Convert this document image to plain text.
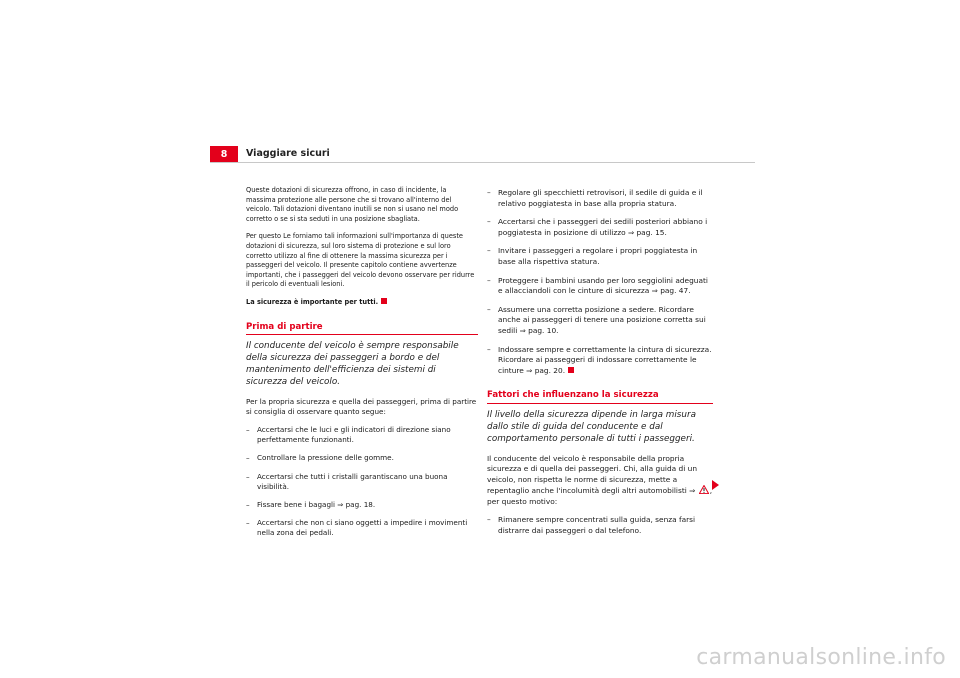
8	Viaggiare sicuri

Queste dotazioni di sicurezza offrono, in caso di incidente, la massima protezione alle persone che si trovano all'interno del veicolo. Tali dotazioni diventano inutili se non si usano nel modo corretto o se si sta seduti in una posizione sbagliata.

Per questo Le forniamo tali informazioni sull'importanza di queste dotazioni di sicurezza, sul loro sistema di protezione e sul loro corretto utilizzo al fine di ottenere la massima sicurezza per i passeggeri del veicolo. Il presente capitolo contiene avvertenze importanti, che i passeggeri del veicolo devono osservare per ridurre il pericolo di eventuali lesioni.

La sicurezza è importante per tutti.

Prima di partire
Il conducente del veicolo è sempre responsabile della sicurezza dei passeggeri a bordo e del mantenimento dell'efficienza dei sistemi di sicurezza del veicolo.

Per la propria sicurezza e quella dei passeggeri, prima di partire si consiglia di osservare quanto segue:

– Accertarsi che le luci e gli indicatori di direzione siano perfettamente funzionanti.
– Controllare la pressione delle gomme.
– Accertarsi che tutti i cristalli garantiscano una buona visibilità.
– Fissare bene i bagagli ⇒ pag. 18.
– Accertarsi che non ci siano oggetti a impedire i movimenti nella zona dei pedali.
– Regolare gli specchietti retrovisori, il sedile di guida e il relativo poggiatesta in base alla propria statura.
– Accertarsi che i passeggeri dei sedili posteriori abbiano i poggiatesta in posizione di utilizzo ⇒ pag. 15.
– Invitare i passeggeri a regolare i propri poggiatesta in base alla rispettiva statura.
– Proteggere i bambini usando per loro seggiolini adeguati e allacciandoli con le cinture di sicurezza ⇒ pag. 47.
– Assumere una corretta posizione a sedere. Ricordare anche ai passeggeri di tenere una posizione corretta sui sedili ⇒ pag. 10.
– Indossare sempre e correttamente la cintura di sicurezza. Ricordare ai passeggeri di indossare correttamente le cinture ⇒ pag. 20.
Fattori che influenzano la sicurezza
Il livello della sicurezza dipende in larga misura dallo stile di guida del conducente e dal comportamento personale di tutti i passeggeri.

Il conducente del veicolo è responsabile della propria sicurezza e di quella dei passeggeri. Chi, alla guida di un veicolo, non rispetta le norme di sicurezza, mette a repentaglio anche l'incolumità degli altri automobilisti ⇒ , per questo motivo:

– Rimanere sempre concentrati sulla guida, senza farsi distrarre dai passeggeri o dal telefono.
carmanualsonline.info
